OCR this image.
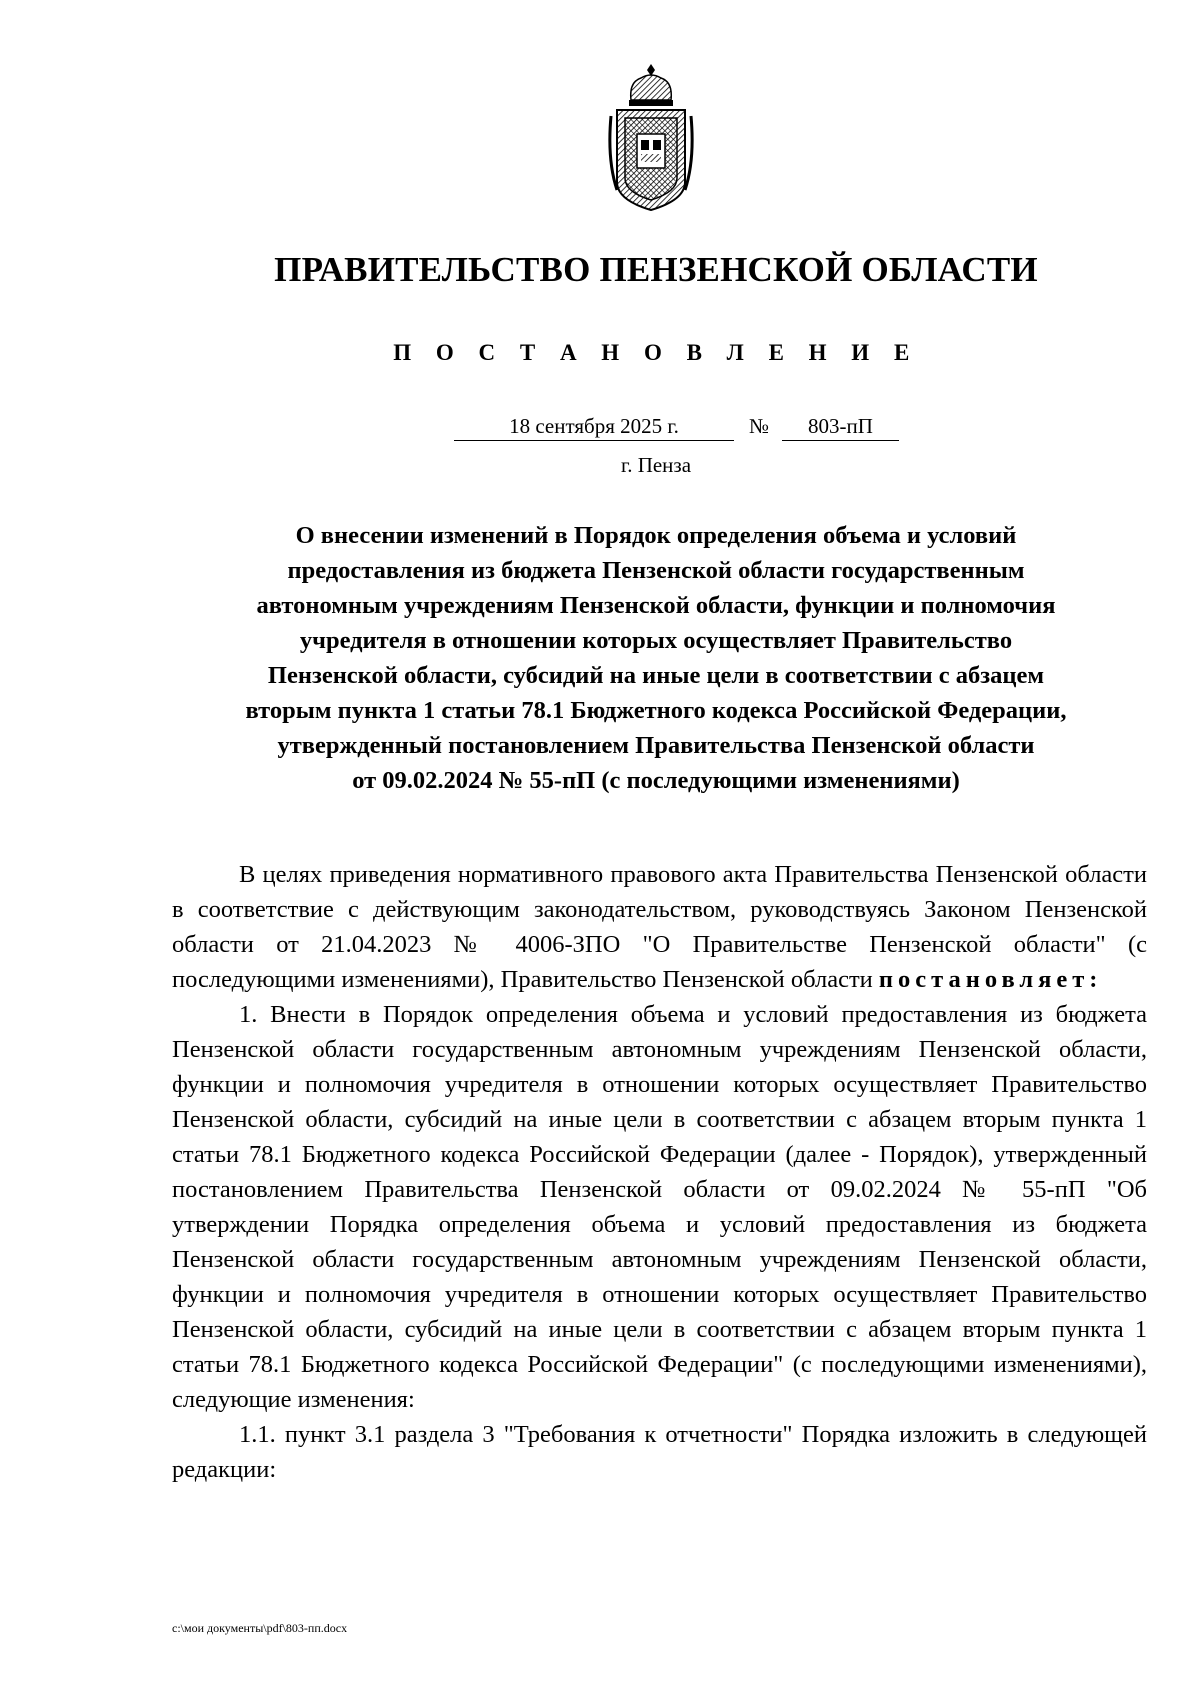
ПРАВИТЕЛЬСТВО ПЕНЗЕНСКОЙ ОБЛАСТИ
П О С Т А Н О В Л Е Н И Е
18 сентября 2025 г.	№	803-пП
г. Пенза
О внесении изменений в Порядок определения объема и условий
предоставления из бюджета Пензенской области государственным
автономным учреждениям Пензенской области, функции и полномочия
учредителя в отношении которых осуществляет Правительство
Пензенской области, субсидий на иные цели в соответствии с абзацем
вторым пункта 1 статьи 78.1 Бюджетного кодекса Российской Федерации,
утвержденный постановлением Правительства Пензенской области
от 09.02.2024 № 55-пП (с последующими изменениями)

В целях приведения нормативного правового акта Правительства Пензенской области в соответствие с действующим законодательством, руководствуясь Законом Пензенской области от 21.04.2023 № 4006-ЗПО "О Правительстве Пензенской области" (с последующими изменениями), Правительство Пензенской области постановляет:

1. Внести в Порядок определения объема и условий предоставления из бюджета Пензенской области государственным автономным учреждениям Пензенской области, функции и полномочия учредителя в отношении которых осуществляет Правительство Пензенской области, субсидий на иные цели в соответствии с абзацем вторым пункта 1 статьи 78.1 Бюджетного кодекса Российской Федерации (далее - Порядок), утвержденный постановлением Правительства Пензенской области от 09.02.2024 № 55-пП "Об утверждении Порядка определения объема и условий предоставления из бюджета Пензенской области государственным автономным учреждениям Пензенской области, функции и полномочия учредителя в отношении которых осуществляет Правительство Пензенской области, субсидий на иные цели в соответствии с абзацем вторым пункта 1 статьи 78.1 Бюджетного кодекса Российской Федерации" (с последующими изменениями), следующие изменения:

1.1. пункт 3.1 раздела 3 "Требования к отчетности" Порядка изложить в следующей редакции:

c:\мои документы\pdf\803-пп.docx
